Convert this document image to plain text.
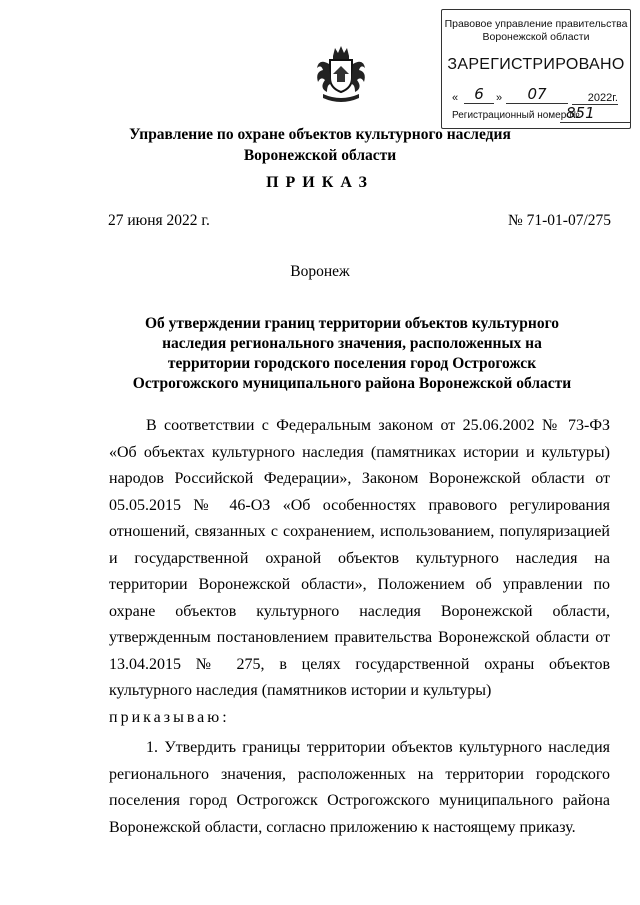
Правовое управление правительства
Воронежской области
ЗАРЕГИСТРИРОВАНО
«	6	»	07	2022г.
Регистрационный номер №
851
Управление по охране объектов культурного наследия
Воронежской области
ПРИКАЗ
27 июня 2022 г.	№ 71-01-07/275
Воронеж
Об утверждении границ территории объектов культурного наследия регионального значения, расположенных на территории городского поселения город Острогожск Острогожского муниципального района Воронежской области

В соответствии с Федеральным законом от 25.06.2002 № 73-ФЗ «Об объектах культурного наследия (памятниках истории и культуры) народов Российской Федерации», Законом Воронежской области от 05.05.2015 № 46-ОЗ «Об особенностях правового регулирования отношений, связанных с сохранением, использованием, популяризацией и государственной охраной объектов культурного наследия на территории Воронежской области», Положением об управлении по охране объектов культурного наследия Воронежской области, утвержденным постановлением правительства Воронежской области от 13.04.2015 № 275, в целях государственной охраны объектов культурного наследия (памятников истории и культуры)

приказываю:

1. Утвердить границы территории объектов культурного наследия регионального значения, расположенных на территории городского поселения город Острогожск Острогожского муниципального района Воронежской области, согласно приложению к настоящему приказу.
